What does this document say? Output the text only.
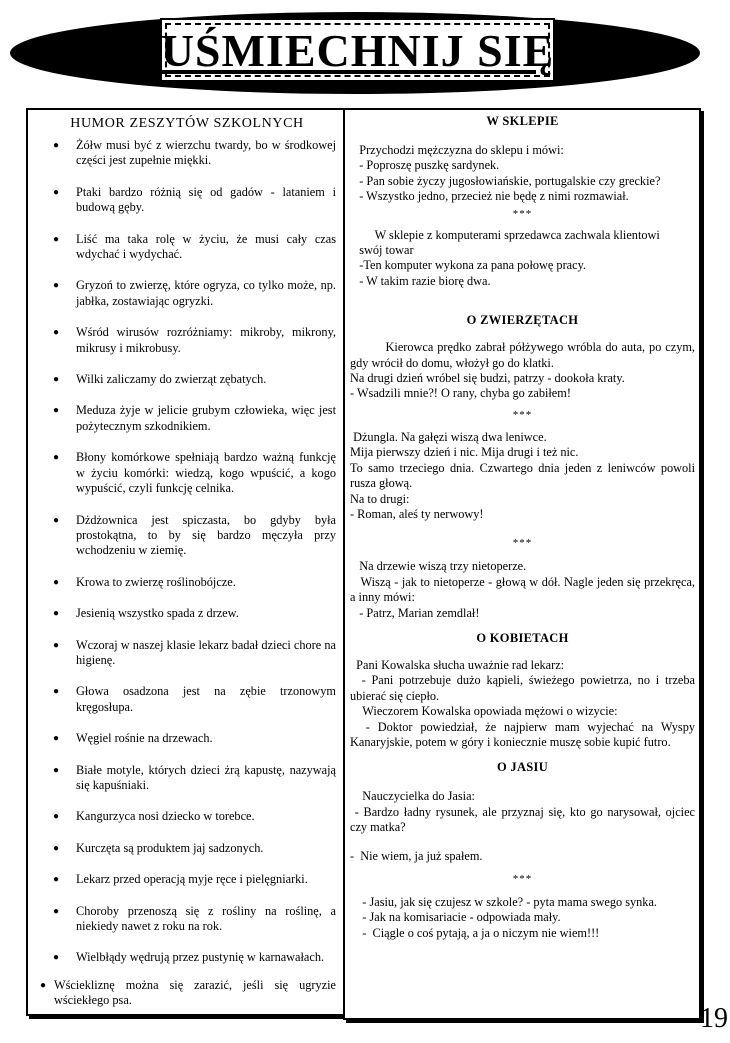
UŚMIECHNIJ SIĘ
HUMOR ZESZYTÓW SZKOLNYCH
● Żółw musi być z wierzchu twardy, bo w środkowej części jest zupełnie miękki.
● Ptaki bardzo różnią się od gadów - lataniem i budową gęby.
● Liść ma taka rolę w życiu, że musi cały czas wdychać i wydychać.
● Gryzoń to zwierzę, które ogryza, co tylko może, np. jabłka, zostawiając ogryzki.
● Wśród wirusów rozróżniamy: mikroby, mikrony, mikrusy i mikrobusy.
● Wilki zaliczamy do zwierząt zębatych.
● Meduza żyje w jelicie grubym człowieka, więc jest pożytecznym szkodnikiem.
● Błony komórkowe spełniają bardzo ważną funkcję w życiu komórki: wiedzą, kogo wpuścić, a kogo wypuścić, czyli funkcję celnika.
● Dżdżownica jest spiczasta, bo gdyby była prostokątna, to by się bardzo męczyła przy wchodzeniu w ziemię.
● Krowa to zwierzę roślinobójcze.
● Jesienią wszystko spada z drzew.
● Wczoraj w naszej klasie lekarz badał dzieci chore na higienę.
● Głowa osadzona jest na zębie trzonowym kręgosłupa.
● Węgiel rośnie na drzewach.
● Białe motyle, których dzieci żrą kapustę, nazywają się kapuśniaki.
● Kangurzyca nosi dziecko w torebce.
● Kurczęta są produktem jaj sadzonych.
● Lekarz przed operacją myje ręce i pielęgniarki.
● Choroby przenoszą się z rośliny na roślinę, a niekiedy nawet z roku na rok.
● Wielbłądy wędrują przez pustynię w karnawałach.
● Wściekliznę można się zarazić, jeśli się ugryzie wściekłego psa.
W SKLEPIE
Przychodzi mężczyzna do sklepu i mówi:
- Poproszę puszkę sardynek.
- Pan sobie życzy jugosłowiańskie, portugalskie czy greckie?
- Wszystko jedno, przecież nie będę z nimi rozmawiał.
***
W sklepie z komputerami sprzedawca zachwala klientowi
swój towar
-Ten komputer wykona za pana połowę pracy.
- W takim razie biorę dwa.
O ZWIERZĘTACH
Kierowca prędko zabrał półżywego wróbla do auta, po czym, gdy wrócił do domu, włożył go do klatki.
Na drugi dzień wróbel się budzi, patrzy - dookoła kraty.
- Wsadzili mnie?! O rany, chyba go zabiłem!
***
Dżungla. Na gałęzi wiszą dwa leniwce.
Mija pierwszy dzień i nic. Mija drugi i też nic.
To samo trzeciego dnia. Czwartego dnia jeden z leniwców powoli rusza głową.
Na to drugi:
- Roman, aleś ty nerwowy!
***
Na drzewie wiszą trzy nietoperze.
Wiszą - jak to nietoperze - głową w dół. Nagle jeden się przekręca, a inny mówi:
- Patrz, Marian zemdlał!
O KOBIETACH
Pani Kowalska słucha uważnie rad lekarz:
- Pani potrzebuje dużo kąpieli, świeżego powietrza, no i trzeba ubierać się ciepło.
Wieczorem Kowalska opowiada mężowi o wizycie:
- Doktor powiedział, że najpierw mam wyjechać na Wyspy Kanaryjskie, potem w góry i koniecznie muszę sobie kupić futro.
O JASIU
Nauczycielka do Jasia:
- Bardzo ładny rysunek, ale przyznaj się, kto go narysował, ojciec czy matka?
-  Nie wiem, ja już spałem.
***
- Jasiu, jak się czujesz w szkole? - pyta mama swego synka.
- Jak na komisariacie - odpowiada mały.
-  Ciągle o coś pytają, a ja o niczym nie wiem!!!
19
